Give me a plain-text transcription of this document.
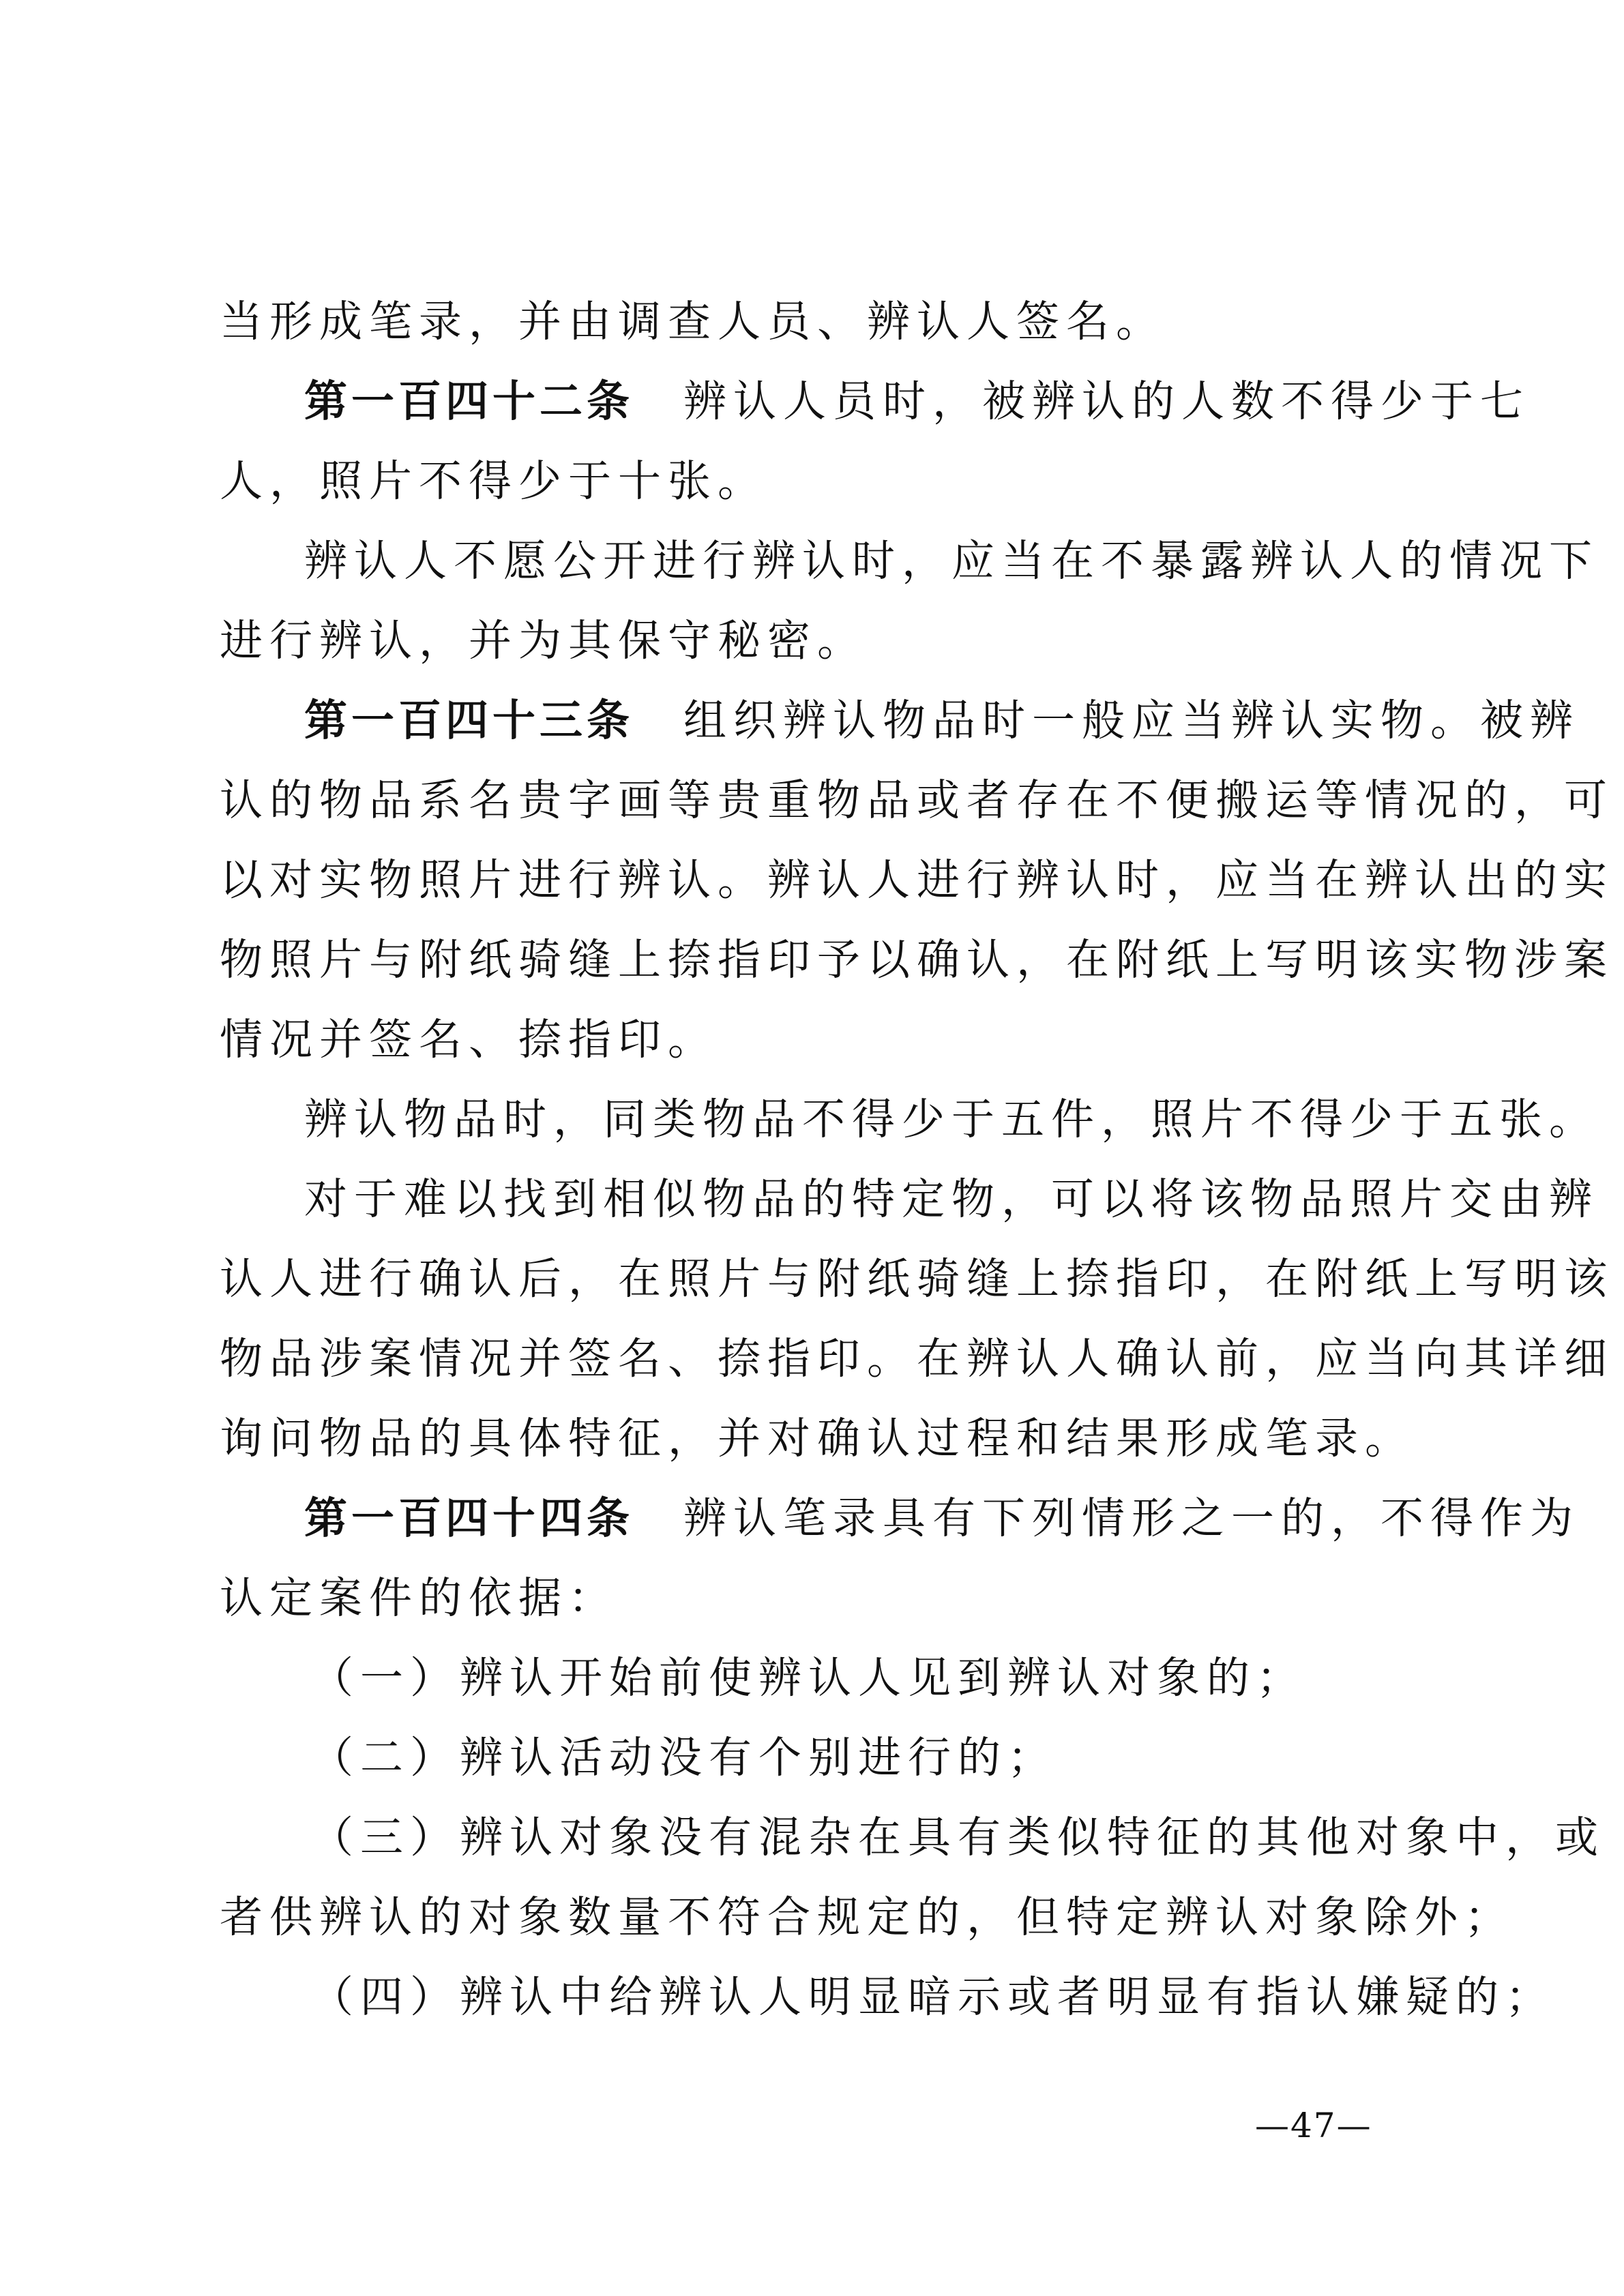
当形成笔录，并由调查人员、辨认人签名。
第一百四十二条　 辨认人员时，被辨认的人数不得少于七
人，照片不得少于十张。
辨认人不愿公开进行辨认时，应当在不暴露辨认人的情况下
进行辨认，并为其保守秘密。
第一百四十三条　 组织辨认物品时一般应当辨认实物。被辨
认的物品系名贵字画等贵重物品或者存在不便搬运等情况的，可
以对实物照片进行辨认。辨认人进行辨认时，应当在辨认出的实
物照片与附纸骑缝上捺指印予以确认，在附纸上写明该实物涉案
情况并签名、捺指印。
辨认物品时，同类物品不得少于五件，照片不得少于五张。
对于难以找到相似物品的特定物，可以将该物品照片交由辨
认人进行确认后，在照片与附纸骑缝上捺指印，在附纸上写明该
物品涉案情况并签名、捺指印。在辨认人确认前，应当向其详细
询问物品的具体特征，并对确认过程和结果形成笔录。
第一百四十四条　 辨认笔录具有下列情形之一的，不得作为
认定案件的依据：
（一）辨认开始前使辨认人见到辨认对象的；
（二）辨认活动没有个别进行的；
（三）辨认对象没有混杂在具有类似特征的其他对象中，或
者供辨认的对象数量不符合规定的，但特定辨认对象除外；
（四）辨认中给辨认人明显暗示或者明显有指认嫌疑的；
—47—
